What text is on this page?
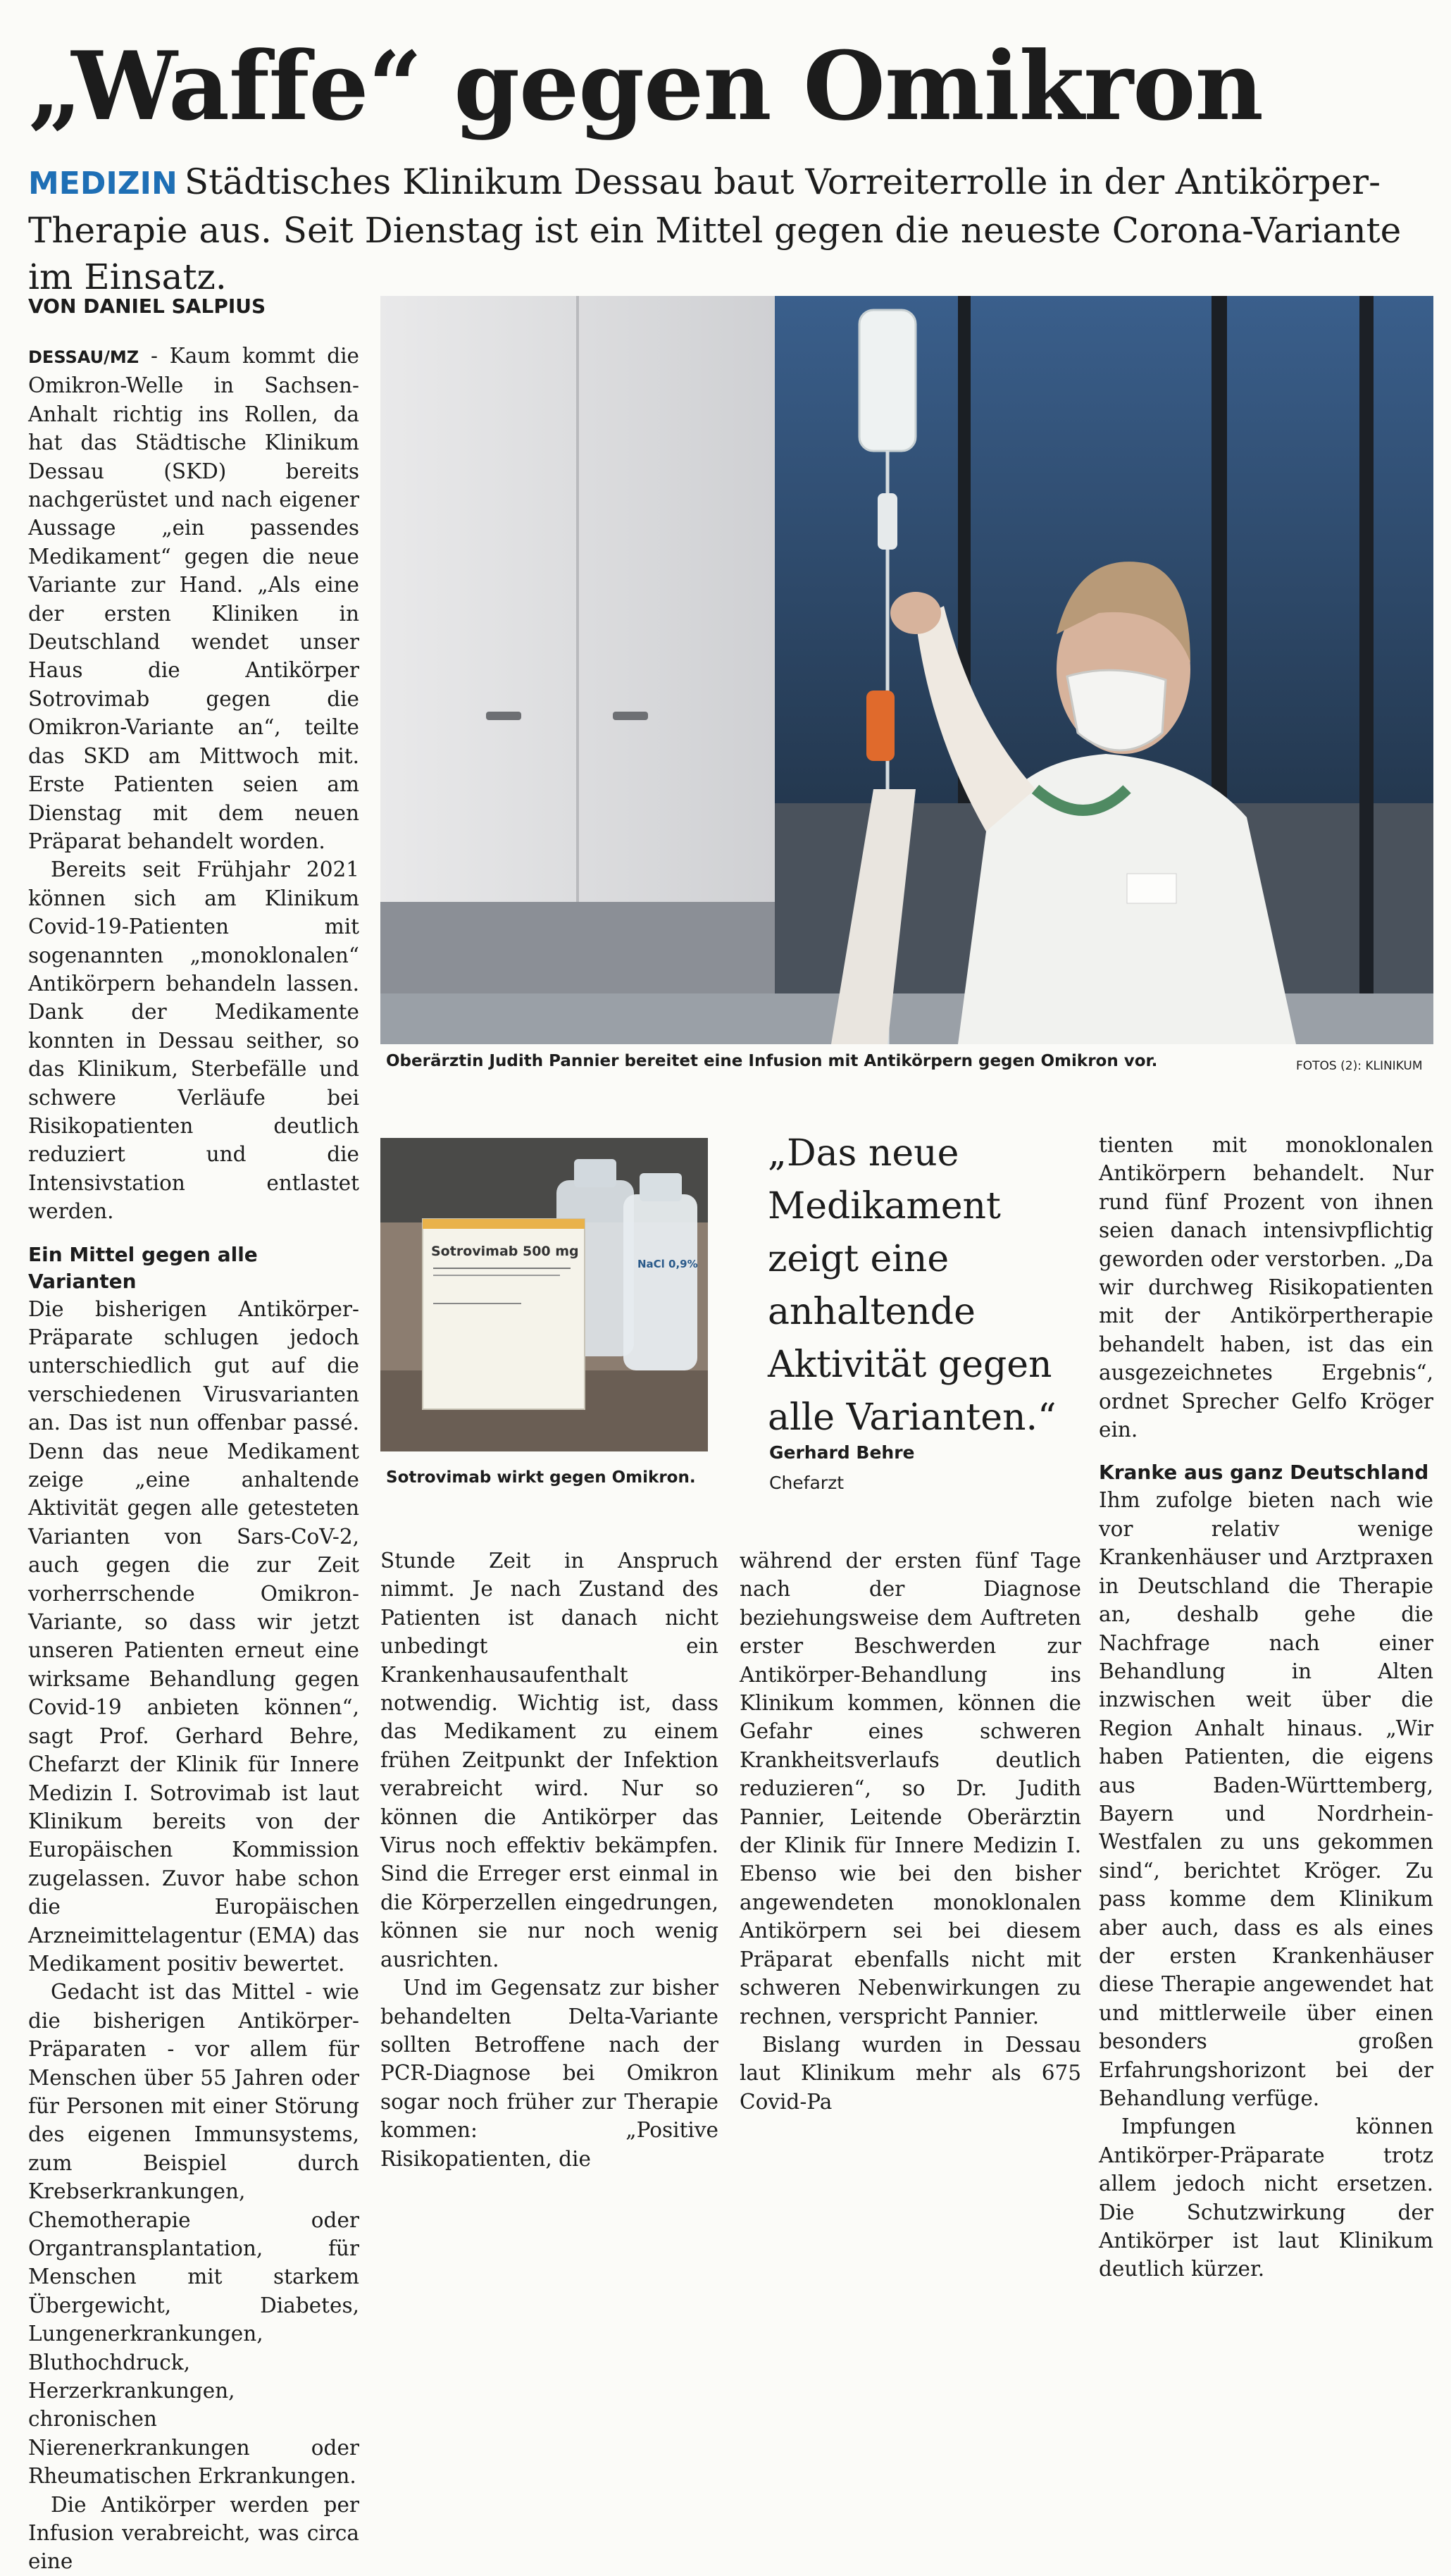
„Waffe“ gegen Omikron
MEDIZIN Städtisches Klinikum Dessau baut Vorreiterrolle in der Antikörper-Therapie aus. Seit Dienstag ist ein Mittel gegen die neueste Corona-Variante im Einsatz.
VON DANIEL SALPIUS

DESSAU/MZ - Kaum kommt die Omikron-Welle in Sachsen-Anhalt richtig ins Rollen, da hat das Städtische Klinikum Dessau (SKD) bereits nachgerüstet und nach eigener Aussage „ein passendes Medikament“ gegen die neue Variante zur Hand. „Als eine der ersten Kliniken in Deutschland wendet unser Haus die Antikörper Sotrovimab gegen die Omikron-Variante an“, teilte das SKD am Mittwoch mit. Erste Patienten seien am Dienstag mit dem neuen Präparat behandelt worden.

Bereits seit Frühjahr 2021 können sich am Klinikum Covid-19-Patienten mit sogenannten „monoklonalen“ Antikörpern behandeln lassen. Dank der Medikamente konnten in Dessau seither, so das Klinikum, Sterbefälle und schwere Verläufe bei Risikopatienten deutlich reduziert und die Intensivstation entlastet werden.

Ein Mittel gegen alle Varianten

Die bisherigen Antikörper-Präparate schlugen jedoch unterschiedlich gut auf die verschiedenen Virusvarianten an. Das ist nun offenbar passé. Denn das neue Medikament zeige „eine anhaltende Aktivität gegen alle getesteten Varianten von Sars-CoV-2, auch gegen die zur Zeit vorherrschende Omikron-Variante, so dass wir jetzt unseren Patienten erneut eine wirksame Behandlung gegen Covid-19 anbieten können“, sagt Prof. Gerhard Behre, Chefarzt der Klinik für Innere Medizin I. Sotrovimab ist laut Klinikum bereits von der Europäischen Kommission zugelassen. Zuvor habe schon die Europäischen Arzneimittelagentur (EMA) das Medikament positiv bewertet.

Gedacht ist das Mittel - wie die bisherigen Antikörper-Präparaten - vor allem für Menschen über 55 Jahren oder für Personen mit einer Störung des eigenen Immunsystems, zum Beispiel durch Krebserkrankungen, Chemotherapie oder Organtransplantation, für Menschen mit starkem Übergewicht, Diabetes, Lungenerkrankungen, Bluthochdruck, Herzerkrankungen, chronischen Nierenerkrankungen oder Rheumatischen Erkrankungen.

Die Antikörper werden per Infusion verabreicht, was circa eine

Oberärztin Judith Pannier bereitet eine Infusion mit Antikörpern gegen Omikron vor.	FOTOS (2): KLINIKUM
Sotrovimab 500 mg
NaCl 0,9%
Sotrovimab wirkt gegen Omikron.
„Das neue Medikament zeigt eine anhaltende Aktivität gegen alle Varianten.“
Gerhard Behre
Chefarzt

Stunde Zeit in Anspruch nimmt. Je nach Zustand des Patienten ist danach nicht unbedingt ein Krankenhausaufenthalt notwendig. Wichtig ist, dass das Medikament zu einem frühen Zeitpunkt der Infektion verabreicht wird. Nur so können die Antikörper das Virus noch effektiv bekämpfen. Sind die Erreger erst einmal in die Körperzellen eingedrungen, können sie nur noch wenig ausrichten.

Und im Gegensatz zur bisher behandelten Delta-Variante sollten Betroffene nach der PCR-Diagnose bei Omikron sogar noch früher zur Therapie kommen: „Positive Risikopatienten, die

während der ersten fünf Tage nach der Diagnose beziehungsweise dem Auftreten erster Beschwerden zur Antikörper-Behandlung ins Klinikum kommen, können die Gefahr eines schweren Krankheitsverlaufs deutlich reduzieren“, so Dr. Judith Pannier, Leitende Oberärztin der Klinik für Innere Medizin I. Ebenso wie bei den bisher angewendeten monoklonalen Antikörpern sei bei diesem Präparat ebenfalls nicht mit schweren Nebenwirkungen zu rechnen, verspricht Pannier.

Bislang wurden in Dessau laut Klinikum mehr als 675 Covid-Pa

tienten mit monoklonalen Antikörpern behandelt. Nur rund fünf Prozent von ihnen seien danach intensivpflichtig geworden oder verstorben. „Da wir durchweg Risikopatienten mit der Antikörpertherapie behandelt haben, ist das ein ausgezeichnetes Ergebnis“, ordnet Sprecher Gelfo Kröger ein.

Kranke aus ganz Deutschland

Ihm zufolge bieten nach wie vor relativ wenige Krankenhäuser und Arztpraxen in Deutschland die Therapie an, deshalb gehe die Nachfrage nach einer Behandlung in Alten inzwischen weit über die Region Anhalt hinaus. „Wir haben Patienten, die eigens aus Baden-Württemberg, Bayern und Nordrhein-Westfalen zu uns gekommen sind“, berichtet Kröger. Zu pass komme dem Klinikum aber auch, dass es als eines der ersten Krankenhäuser diese Therapie angewendet hat und mittlerweile über einen besonders großen Erfahrungshorizont bei der Behandlung verfüge.

Impfungen können Antikörper-Präparate trotz allem jedoch nicht ersetzen. Die Schutzwirkung der Antikörper ist laut Klinikum deutlich kürzer.
